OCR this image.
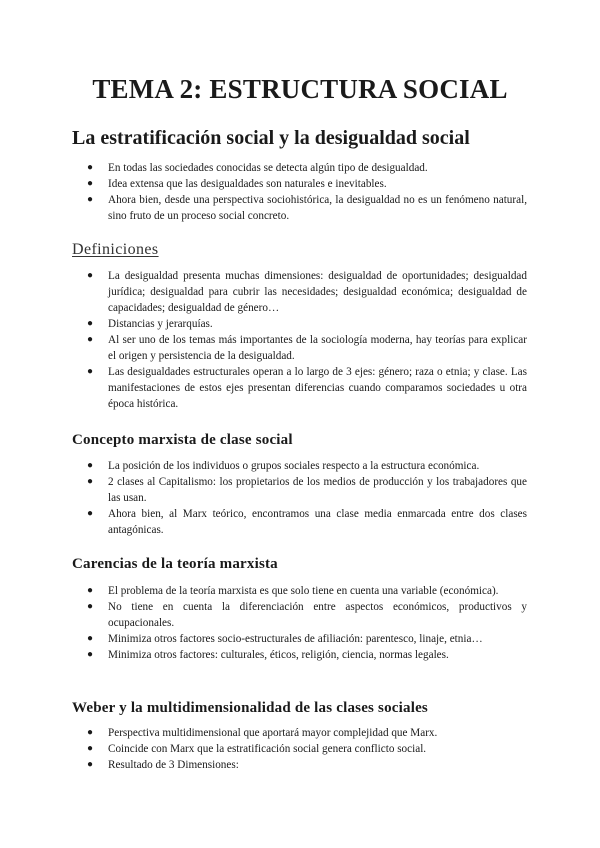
TEMA 2: ESTRUCTURA SOCIAL
La estratificación social y la desigualdad social
● En todas las sociedades conocidas se detecta algún tipo de desigualdad.
● Idea extensa que las desigualdades son naturales e inevitables.
● Ahora bien, desde una perspectiva sociohistórica, la desigualdad no es un fenómeno natural, sino fruto de un proceso social concreto.
Definiciones
● La desigualdad presenta muchas dimensiones: desigualdad de oportunidades; desigualdad jurídica; desigualdad para cubrir las necesidades; desigualdad económica; desigualdad de capacidades; desigualdad de género…
● Distancias y jerarquías.
● Al ser uno de los temas más importantes de la sociología moderna, hay teorías para explicar el origen y persistencia de la desigualdad.
● Las desigualdades estructurales operan a lo largo de 3 ejes: género; raza o etnia; y clase. Las manifestaciones de estos ejes presentan diferencias cuando comparamos sociedades u otra época histórica.
Concepto marxista de clase social
● La posición de los individuos o grupos sociales respecto a la estructura económica.
● 2 clases al Capitalismo: los propietarios de los medios de producción y los trabajadores que las usan.
● Ahora bien, al Marx teórico, encontramos una clase media enmarcada entre dos clases antagónicas.
Carencias de la teoría marxista
● El problema de la teoría marxista es que solo tiene en cuenta una variable (económica).
● No tiene en cuenta la diferenciación entre aspectos económicos, productivos y ocupacionales.
● Minimiza otros factores socio-estructurales de afiliación: parentesco, linaje, etnia…
● Minimiza otros factores: culturales, éticos, religión, ciencia, normas legales.
Weber y la multidimensionalidad de las clases sociales
● Perspectiva multidimensional que aportará mayor complejidad que Marx.
● Coincide con Marx que la estratificación social genera conflicto social.
● Resultado de 3 Dimensiones:
